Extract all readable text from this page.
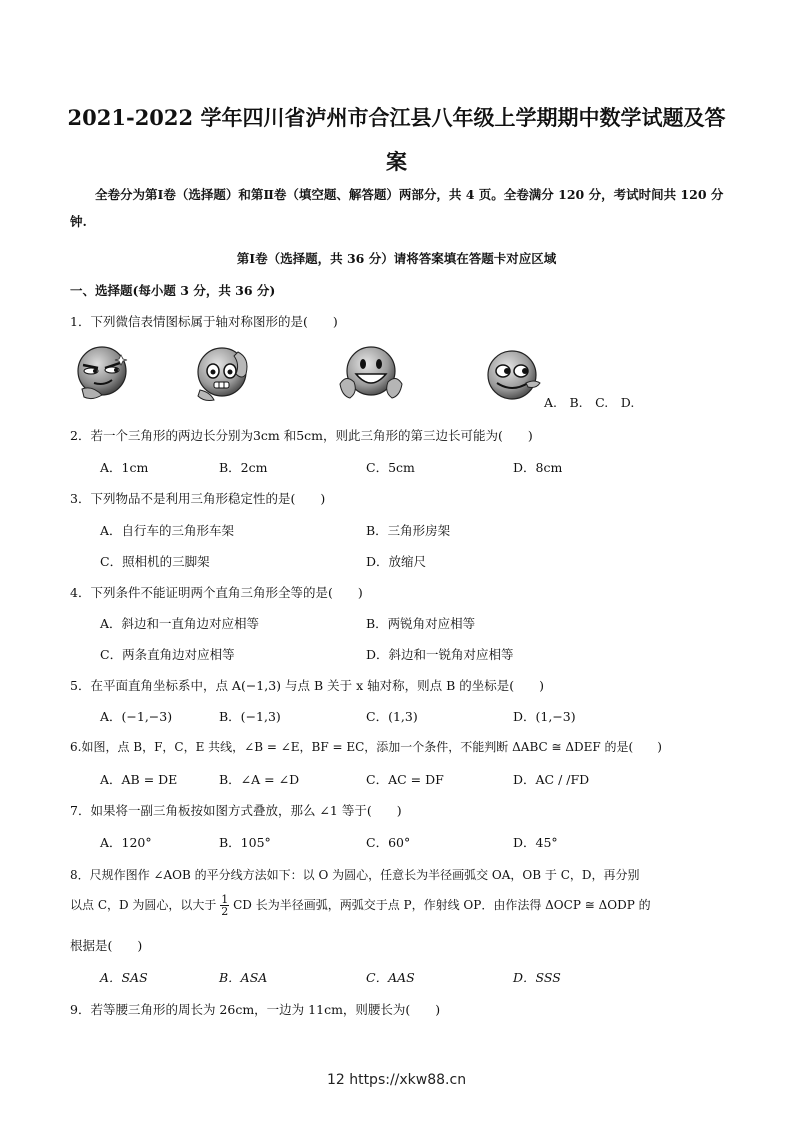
2021-2022 学年四川省泸州市合江县八年级上学期期中数学试题及答
案
全卷分为第Ⅰ卷（选择题）和第Ⅱ卷（填空题、解答题）两部分，共 4 页。全卷满分 120 分，考试时间共 120 分钟.
第Ⅰ卷（选择题，共 36 分）请将答案填在答题卡对应区域
一、选择题(每小题 3 分，共 36 分)
1．下列微信表情图标属于轴对称图形的是(　　)
A.　B.　C.　D.
2．若一个三角形的两边长分别为3cm 和5cm，则此三角形的第三边长可能为(　　)
A．1cm	B．2cm	C．5cm	D．8cm
3．下列物品不是利用三角形稳定性的是(　　)
A．自行车的三角形车架	B．三角形房架
C．照相机的三脚架	D．放缩尺
4．下列条件不能证明两个直角三角形全等的是(　　)
A．斜边和一直角边对应相等	B．两锐角对应相等
C．两条直角边对应相等	D．斜边和一锐角对应相等
5．在平面直角坐标系中，点 A(−1,3) 与点 B 关于 x 轴对称，则点 B 的坐标是(　　)
A．(−1,−3)	B．(−1,3)	C．(1,3)	D．(1,−3)
6.如图，点 B，F，C，E 共线，∠B = ∠E，BF = EC，添加一个条件，不能判断 ΔABC ≅ ΔDEF 的是(　　)
A．AB = DE	B．∠A = ∠D	C．AC = DF	D．AC / /FD
7．如果将一副三角板按如图方式叠放，那么 ∠1 等于(　　)
A．120°	B．105°	C．60°	D．45°
8．尺规作图作 ∠AOB 的平分线方法如下：以 O 为圆心，任意长为半径画弧交 OA，OB 于 C，D，再分别
以点 C，D 为圆心，以大于 $\frac{1}{2}$ CD 长为半径画弧，两弧交于点 P，作射线 OP．由作法得 ΔOCP ≅ ΔODP 的
根据是(　　)
A．SAS	B．ASA	C．AAS	D．SSS
9．若等腰三角形的周长为 26cm，一边为 11cm，则腰长为(　　)
12 https://xkw88.cn
